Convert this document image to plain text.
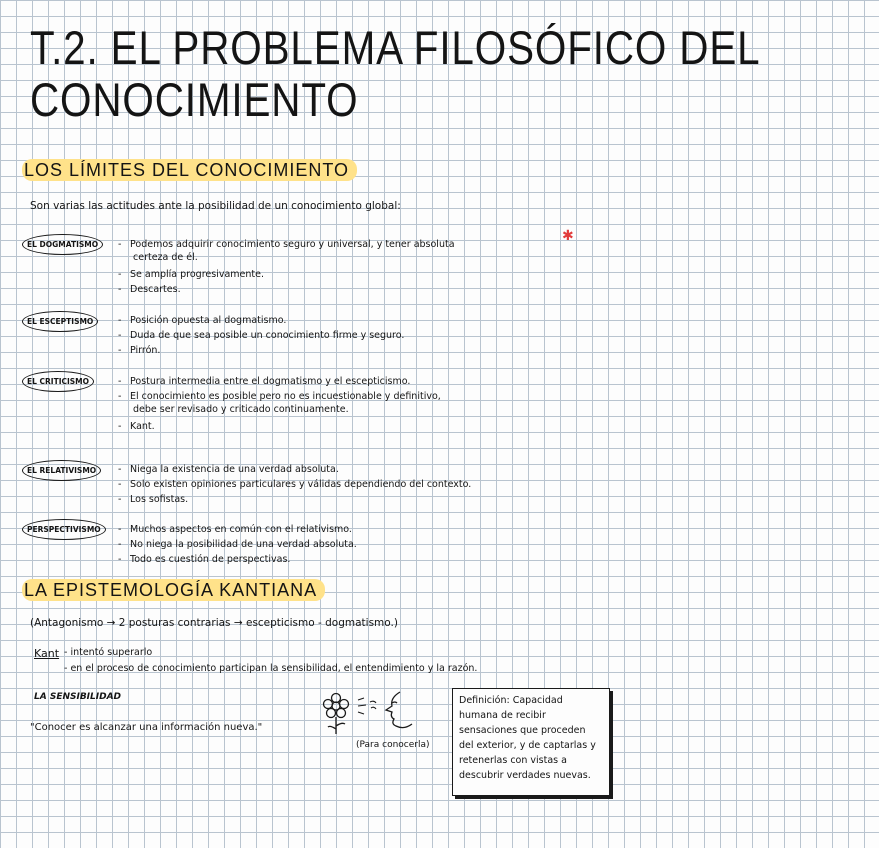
T.2. EL PROBLEMA FILOSÓFICO DEL
CONOCIMIENTO
LOS LÍMITES DEL CONOCIMIENTO
Son varias las actitudes ante la posibilidad de un conocimiento global:
✱
EL DOGMATISMO	- Podemos adquirir conocimiento seguro y universal, y tener absoluta
certeza de él.
- Se amplía progresivamente.
- Descartes.
EL ESCEPTISMO	- Posición opuesta al dogmatismo.
- Duda de que sea posible un conocimiento firme y seguro.
- Pirrón.
EL CRITICISMO	- Postura intermedia entre el dogmatismo y el escepticismo.
- El conocimiento es posible pero no es incuestionable y definitivo,
debe ser revisado y criticado continuamente.
- Kant.
EL RELATIVISMO	- Niega la existencia de una verdad absoluta.
- Solo existen opiniones particulares y válidas dependiendo del contexto.
- Los sofistas.
PERSPECTIVISMO	- Muchos aspectos en común con el relativismo.
- No niega la posibilidad de una verdad absoluta.
- Todo es cuestión de perspectivas.
LA EPISTEMOLOGÍA KANTIANA
(Antagonismo → 2 posturas contrarias → escepticismo - dogmatismo.)
Kant - intentó superarlo
- en el proceso de conocimiento participan la sensibilidad, el entendimiento y la razón.
LA SENSIBILIDAD
"Conocer es alcanzar una información nueva."
(Para conocerla)
Definición: Capacidad humana de recibir sensaciones que proceden del exterior, y de captarlas y retenerlas con vistas a descubrir verdades nuevas.
